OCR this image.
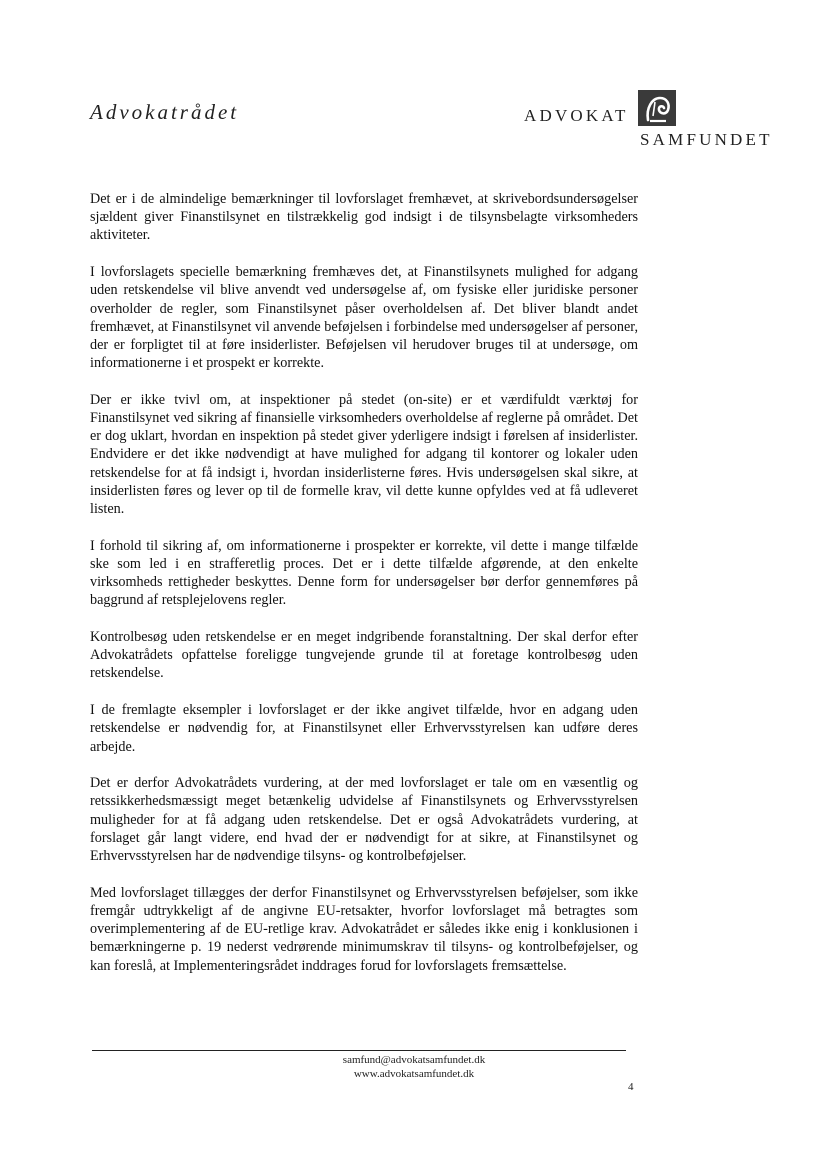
Advokatrådet	ADVOKAT
SAMFUNDET

Det er i de almindelige bemærkninger til lovforslaget fremhævet, at skrivebordsundersøgelser sjældent giver Finanstilsynet en tilstrækkelig god indsigt i de tilsynsbelagte virksomheders aktiviteter.

I lovforslagets specielle bemærkning fremhæves det, at Finanstilsynets mulighed for adgang uden retskendelse vil blive anvendt ved undersøgelse af, om fysiske eller juridiske personer overholder de regler, som Finanstilsynet påser overholdelsen af. Det bliver blandt andet fremhævet, at Finanstilsynet vil anvende beføjelsen i forbindelse med undersøgelser af personer, der er forpligtet til at føre insiderlister. Beføjelsen vil herudover bruges til at undersøge, om informationerne i et prospekt er korrekte.

Der er ikke tvivl om, at inspektioner på stedet (on-site) er et værdifuldt værktøj for Finanstilsynet ved sikring af finansielle virksomheders overholdelse af reglerne på området. Det er dog uklart, hvordan en inspektion på stedet giver yderligere indsigt i førelsen af insiderlister. Endvidere er det ikke nødvendigt at have mulighed for adgang til kontorer og lokaler uden retskendelse for at få indsigt i, hvordan insiderlisterne føres. Hvis undersøgelsen skal sikre, at insiderlisten føres og lever op til de formelle krav, vil dette kunne opfyldes ved at få udleveret listen.

I forhold til sikring af, om informationerne i prospekter er korrekte, vil dette i mange tilfælde ske som led i en strafferetlig proces. Det er i dette tilfælde afgørende, at den enkelte virksomheds rettigheder beskyttes. Denne form for undersøgelser bør derfor gennemføres på baggrund af retsplejelovens regler.

Kontrolbesøg uden retskendelse er en meget indgribende foranstaltning. Der skal derfor efter Advokatrådets opfattelse foreligge tungvejende grunde til at foretage kontrolbesøg uden retskendelse.

I de fremlagte eksempler i lovforslaget er der ikke angivet tilfælde, hvor en adgang uden retskendelse er nødvendig for, at Finanstilsynet eller Erhvervsstyrelsen kan udføre deres arbejde.

Det er derfor Advokatrådets vurdering, at der med lovforslaget er tale om en væsentlig og retssikkerhedsmæssigt meget betænkelig udvidelse af Finanstilsynets og Erhvervsstyrelsen muligheder for at få adgang uden retskendelse. Det er også Advokatrådets vurdering, at forslaget går langt videre, end hvad der er nødvendigt for at sikre, at Finanstilsynet og Erhvervsstyrelsen har de nødvendige tilsyns- og kontrolbeføjelser.

Med lovforslaget tillægges der derfor Finanstilsynet og Erhvervsstyrelsen beføjelser, som ikke fremgår udtrykkeligt af de angivne EU-retsakter, hvorfor lovforslaget må betragtes som overimplementering af de EU-retlige krav. Advokatrådet er således ikke enig i konklusionen i bemærkningerne p. 19 nederst vedrørende minimumskrav til tilsyns- og kontrolbeføjelser, og kan foreslå, at Implementeringsrådet inddrages forud for lovforslagets fremsættelse.

samfund@advokatsamfundet.dk
www.advokatsamfundet.dk
4
